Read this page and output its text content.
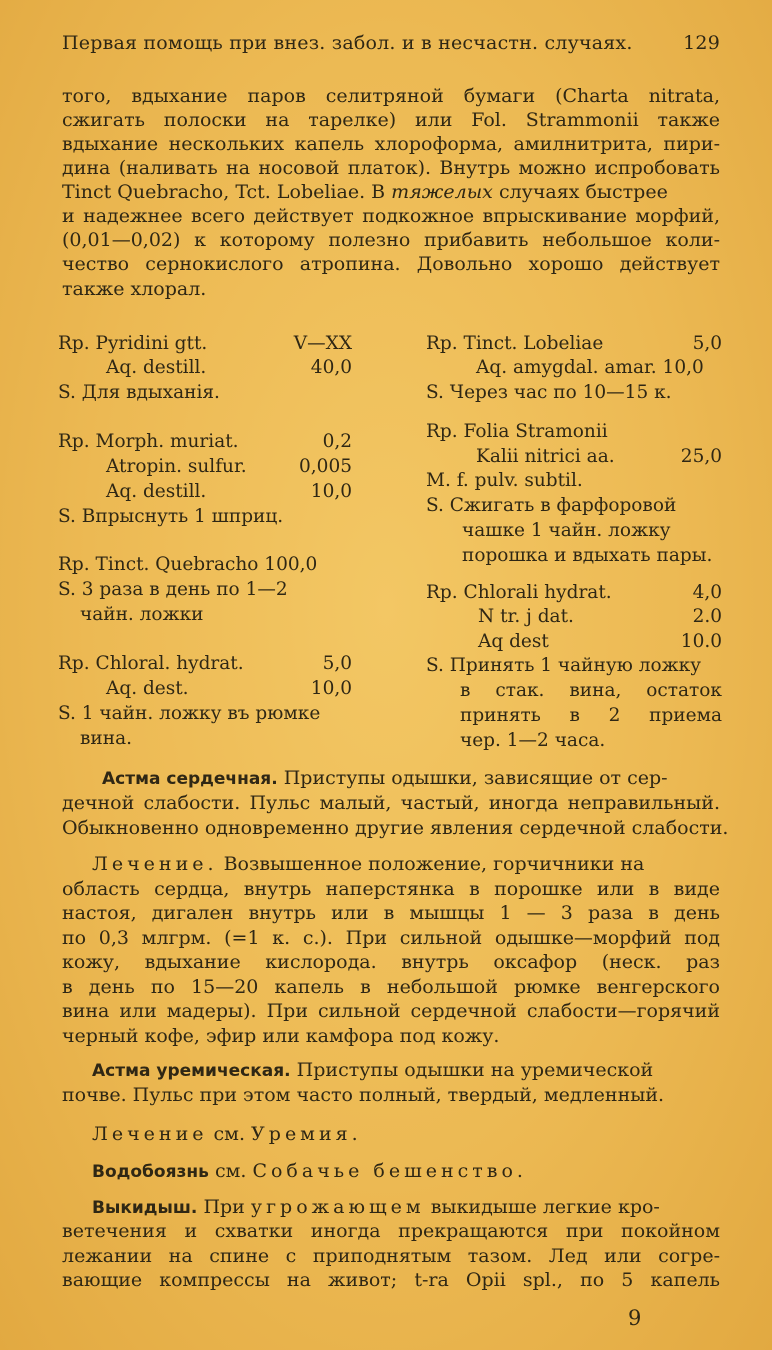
Первая помощь при внез. забол. и в несчастн. случаях.	129
того, вдыхание паров селитряной бумаги (Charta nitrata,
сжигать полоски на тарелке) или Fol. Strammonii также
вдыхание нескольких капель хлороформа, амилнитрита, пири-
дина (наливать на носовой платок). Внутрь можно испробовать
Tinct Quebracho, Tct. Lobeliae. В тяжелых случаях быстрее
и надежнее всего действует подкожное впрыскивание морфий,
(0,01—0,02) к которому полезно прибавить небольшое коли-
чество сернокислого атропина. Довольно хорошо действует
также хлорал.
Rp. Pyridini gtt.	V—XX
Aq. destill.	40,0
S. Для вдыханія.
Rp. Morph. muriat.	0,2
Atropin. sulfur.	0,005
Aq. destill.	10,0
S. Впрыснуть 1 шприц.
Rp. Tinct. Quebracho 100,0
S. 3 раза в день по 1—2
чайн. ложки
Rp. Chloral. hydrat.	5,0
Aq. dest.	10,0
S. 1 чайн. ложку въ рюмке
вина.
Rp. Tinct. Lobeliae	5,0
Aq. amygdal. amar. 10,0
S. Через час по 10—15 к.
Rp. Folia Stramonii
Kalii nitrici aa.	25,0
M. f. pulv. subtil.
S. Сжигать в фарфоровой
чашке 1 чайн. ложку
порошка и вдыхать пары.
Rp. Chlorali hydrat.	4,0
N tr. j dat.	2.0
Aq dest	10.0
S. Принять 1 чайную ложку
в стак. вина, остаток
принять в 2 приема
чер. 1—2 часа.
Астма сердечная. Приступы одышки, зависящие от сер-
дечной слабости. Пульс малый, частый, иногда неправильный.
Обыкновенно одновременно другие явления сердечной слабости.
Лечение. Возвышенное положение, горчичники на
область сердца, внутрь наперстянка в порошке или в виде
настоя, дигален внутрь или в мышцы 1 — 3 раза в день
по 0,3 млгрм. (=1 к. с.). При сильной одышке—морфий под
кожу, вдыхание кислорода. внутрь оксафор (неск. раз
в день по 15—20 капель в небольшой рюмке венгерского
вина или мадеры). При сильной сердечной слабости—горячий
черный кофе, эфир или камфора под кожу.
Астма уремическая. Приступы одышки на уремической
почве. Пульс при этом часто полный, твердый, медленный.
Лечение см. Уремия.
Водобоязнь см. Собачье бешенство.
Выкидыш. При угрожающем выкидыше легкие кро-
ветечения и схватки иногда прекращаются при покойном
лежании на спине с приподнятым тазом. Лед или согре-
вающие компрессы на живот; t-ra Opii spl., по 5 капель
9
